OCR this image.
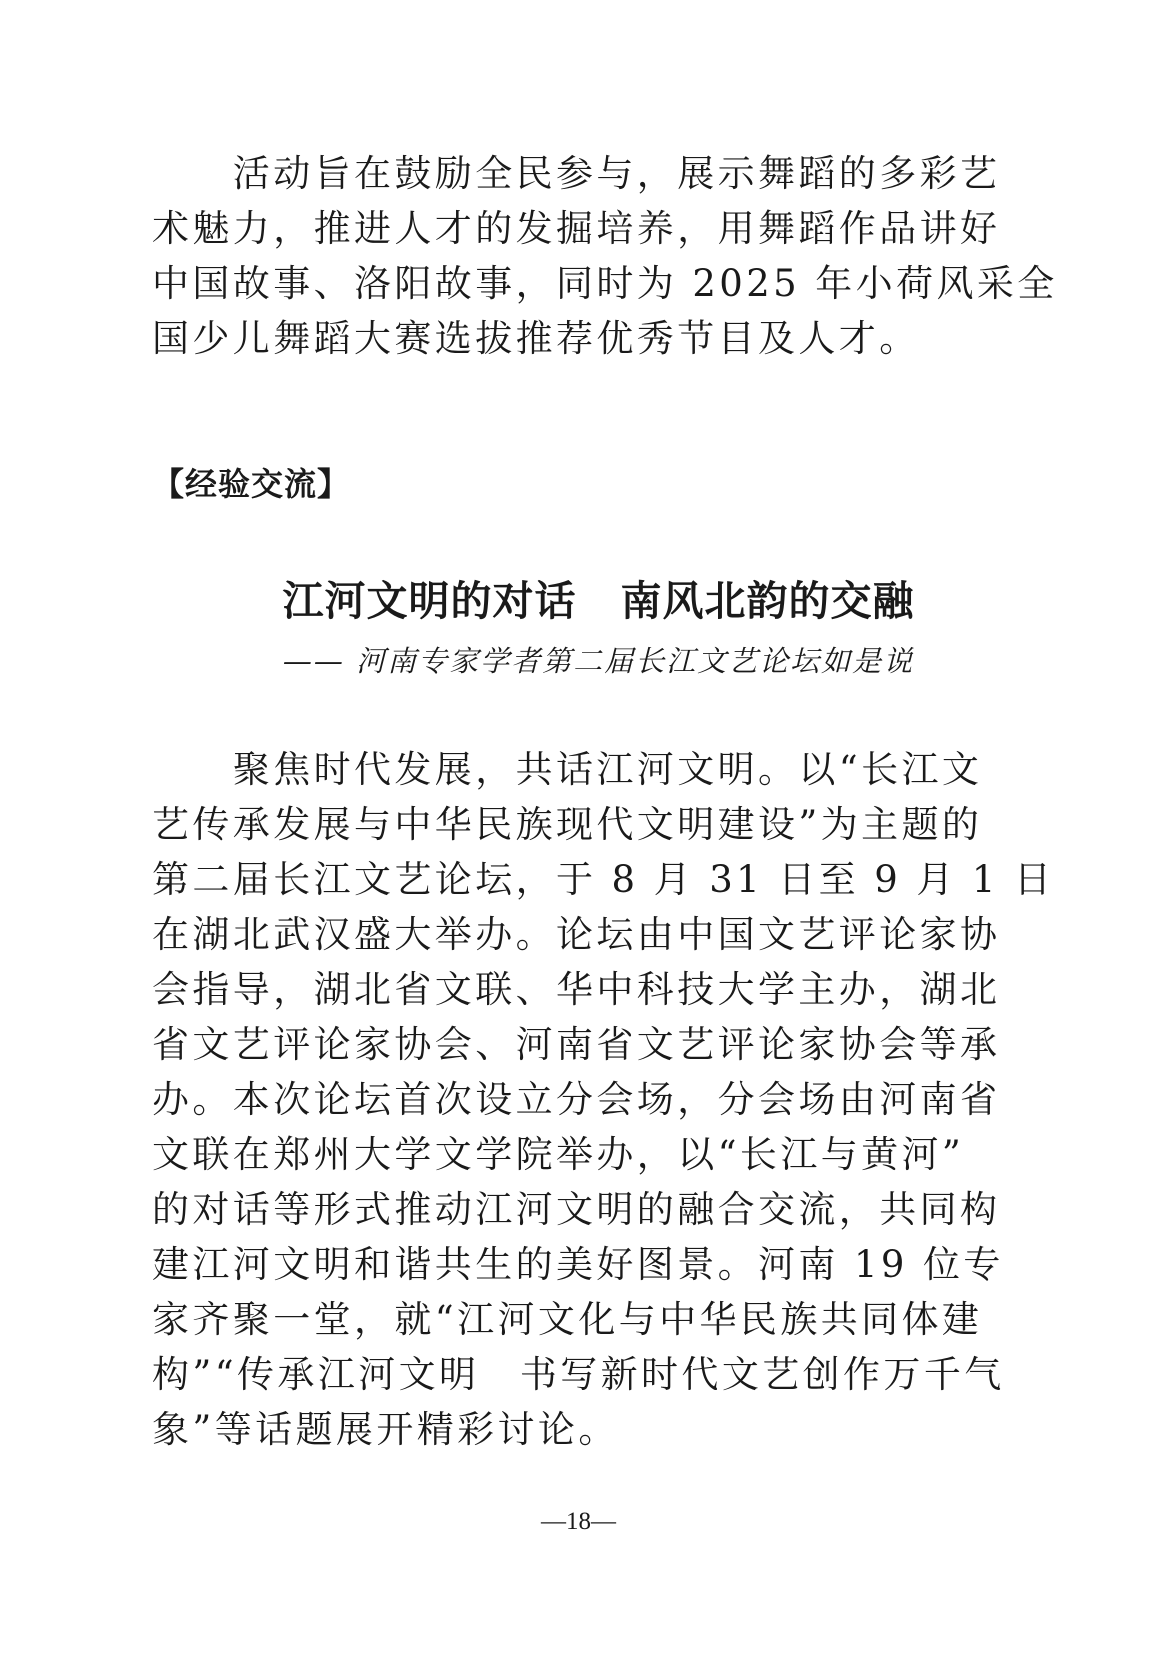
　　活动旨在鼓励全民参与，展示舞蹈的多彩艺
术魅力，推进人才的发掘培养，用舞蹈作品讲好
中国故事、洛阳故事，同时为 2025 年小荷风采全
国少儿舞蹈大赛选拔推荐优秀节目及人才。
【经验交流】
江河文明的对话 南风北韵的交融
—— 河南专家学者第二届长江文艺论坛如是说
　　聚焦时代发展，共话江河文明。以“长江文
艺传承发展与中华民族现代文明建设”为主题的
第二届长江文艺论坛，于 8 月 31 日至 9 月 1 日
在湖北武汉盛大举办。论坛由中国文艺评论家协
会指导，湖北省文联、华中科技大学主办，湖北
省文艺评论家协会、河南省文艺评论家协会等承
办。本次论坛首次设立分会场，分会场由河南省
文联在郑州大学文学院举办，以“长江与黄河”
的对话等形式推动江河文明的融合交流，共同构
建江河文明和谐共生的美好图景。河南 19 位专
家齐聚一堂，就“江河文化与中华民族共同体建
构”“传承江河文明　书写新时代文艺创作万千气
象”等话题展开精彩讨论。
—18—
